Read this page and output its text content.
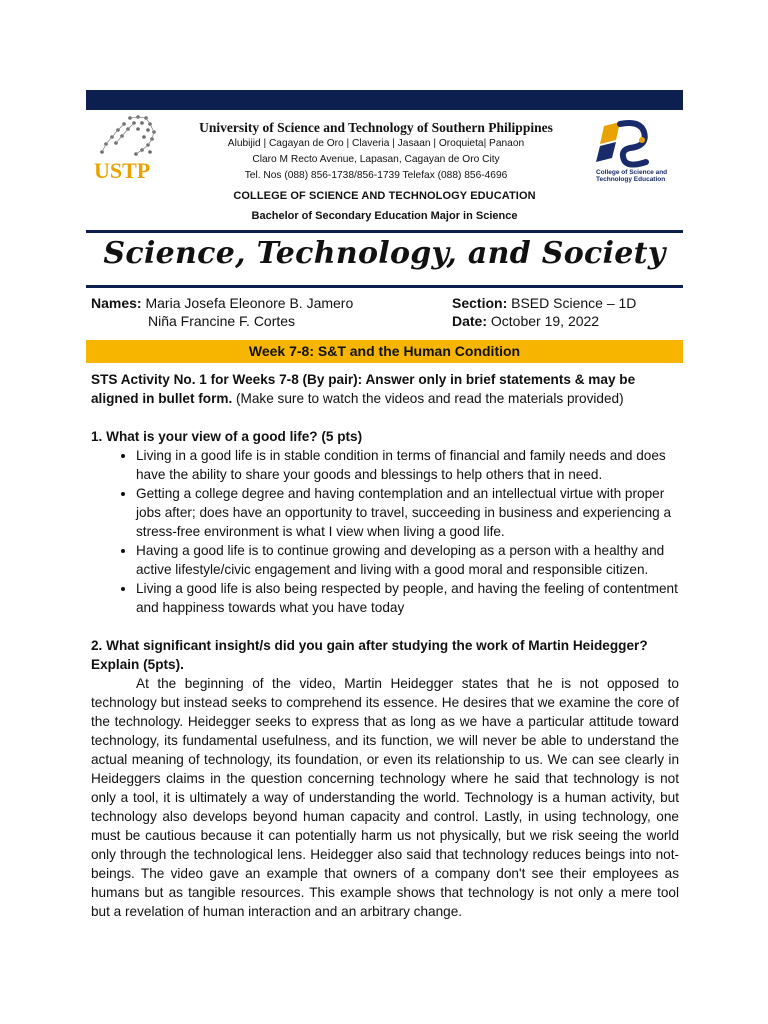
USTP
University of Science and Technology of Southern Philippines
Alubijid | Cagayan de Oro | Claveria | Jasaan | Oroquieta| Panaon
Claro M Recto Avenue, Lapasan, Cagayan de Oro City
Tel. Nos (088) 856-1738/856-1739 Telefax (088) 856-4696	College of Science and
Technology Education
COLLEGE OF SCIENCE AND TECHNOLOGY EDUCATION
Bachelor of Secondary Education Major in Science
Science, Technology, and Society
Names: Maria Josefa Eleonore B. Jamero
Niña Francine F. Cortes
Section: BSED Science – 1D
Date: October 19, 2022
Week 7-8: S&T and the Human Condition
STS Activity No. 1 for Weeks 7-8 (By pair): Answer only in brief statements & may be aligned in bullet form. (Make sure to watch the videos and read the materials provided)
1. What is your view of a good life? (5 pts)
• Living in a good life is in stable condition in terms of financial and family needs and does have the ability to share your goods and blessings to help others that in need.
• Getting a college degree and having contemplation and an intellectual virtue with proper jobs after; does have an opportunity to travel, succeeding in business and experiencing a stress-free environment is what I view when living a good life.
• Having a good life is to continue growing and developing as a person with a healthy and active lifestyle/civic engagement and living with a good moral and responsible citizen.
• Living a good life is also being respected by people, and having the feeling of contentment and happiness towards what you have today
2. What significant insight/s did you gain after studying the work of Martin Heidegger? Explain (5pts).
At the beginning of the video, Martin Heidegger states that he is not opposed to technology but instead seeks to comprehend its essence. He desires that we examine the core of the technology. Heidegger seeks to express that as long as we have a particular attitude toward technology, its fundamental usefulness, and its function, we will never be able to understand the actual meaning of technology, its foundation, or even its relationship to us. We can see clearly in Heideggers claims in the question concerning technology where he said that technology is not only a tool, it is ultimately a way of understanding the world. Technology is a human activity, but technology also develops beyond human capacity and control. Lastly, in using technology, one must be cautious because it can potentially harm us not physically, but we risk seeing the world only through the technological lens. Heidegger also said that technology reduces beings into not-beings. The video gave an example that owners of a company don't see their employees as humans but as tangible resources. This example shows that technology is not only a mere tool but a revelation of human interaction and an arbitrary change.
